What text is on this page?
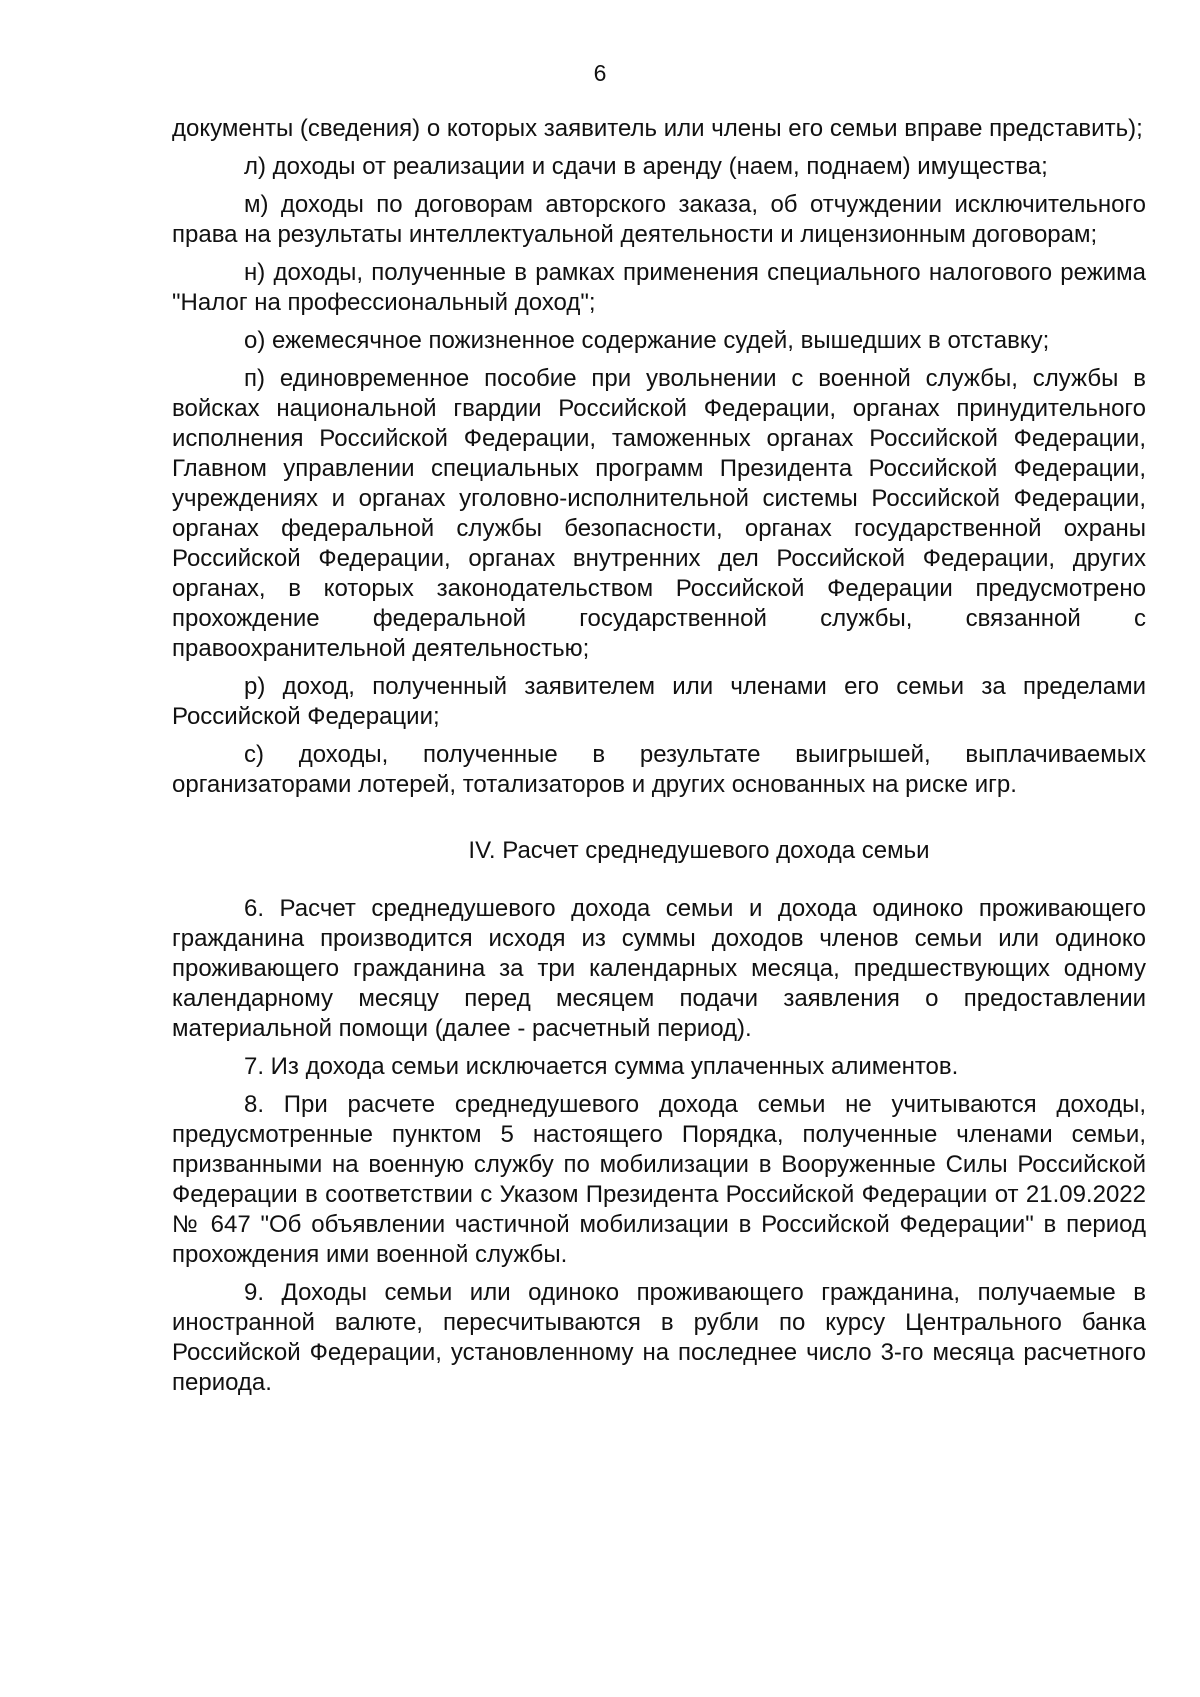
6

документы (сведения) о которых заявитель или члены его семьи вправе представить);

л) доходы от реализации и сдачи в аренду (наем, поднаем) имущества;

м) доходы по договорам авторского заказа, об отчуждении исключительного права на результаты интеллектуальной деятельности и лицензионным договорам;

н) доходы, полученные в рамках применения специального налогового режима "Налог на профессиональный доход";

о) ежемесячное пожизненное содержание судей, вышедших в отставку;

п) единовременное пособие при увольнении с военной службы, службы в войсках национальной гвардии Российской Федерации, органах принудительного исполнения Российской Федерации, таможенных органах Российской Федерации, Главном управлении специальных программ Президента Российской Федерации, учреждениях и органах уголовно-исполнительной системы Российской Федерации, органах федеральной службы безопасности, органах государственной охраны Российской Федерации, органах внутренних дел Российской Федерации, других органах, в которых законодательством Российской Федерации предусмотрено прохождение федеральной государственной службы, связанной с правоохранительной деятельностью;

р) доход, полученный заявителем или членами его семьи за пределами Российской Федерации;

с) доходы, полученные в результате выигрышей, выплачиваемых организаторами лотерей, тотализаторов и других основанных на риске игр.

IV. Расчет среднедушевого дохода семьи

6. Расчет среднедушевого дохода семьи и дохода одиноко проживающего гражданина производится исходя из суммы доходов членов семьи или одиноко проживающего гражданина за три календарных месяца, предшествующих одному календарному месяцу перед месяцем подачи заявления о предоставлении материальной помощи (далее - расчетный период).

7. Из дохода семьи исключается сумма уплаченных алиментов.

8. При расчете среднедушевого дохода семьи не учитываются доходы, предусмотренные пунктом 5 настоящего Порядка, полученные членами семьи, призванными на военную службу по мобилизации в Вооруженные Силы Российской Федерации в соответствии с Указом Президента Российской Федерации от 21.09.2022 № 647 "Об объявлении частичной мобилизации в Российской Федерации" в период прохождения ими военной службы.

9. Доходы семьи или одиноко проживающего гражданина, получаемые в иностранной валюте, пересчитываются в рубли по курсу Центрального банка Российской Федерации, установленному на последнее число 3-го месяца расчетного периода.
